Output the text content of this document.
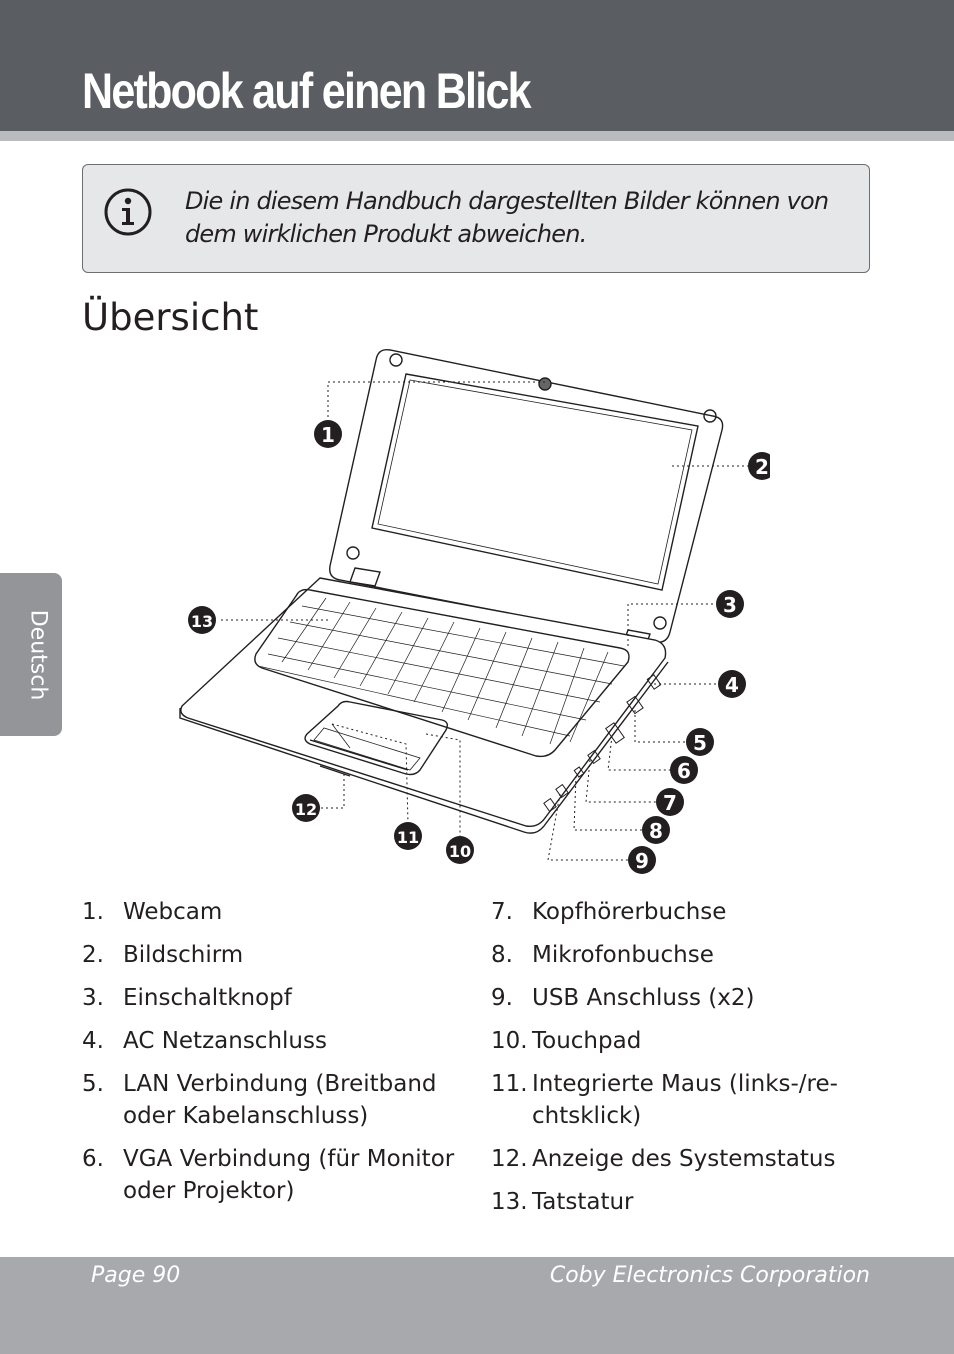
Netbook auf einen Blick
Die in diesem Handbuch dargestellten Bilder können von dem wirklichen Produkt abweichen.
Übersicht
Deutsch
1
2
3
4
5
6
7
8
9
10
11
12
13
1. Webcam
2. Bildschirm
3. Einschaltknopf
4. AC Netzanschluss
5. LAN Verbindung (Breitband oder Kabelanschluss)
6. VGA Verbindung (für Monitor oder Projektor)
7. Kopfhörerbuchse
8. Mikrofonbuchse
9. USB Anschluss (x2)
10. Touchpad
11. Integrierte Maus (links-/re-chtsklick)
12. Anzeige des Systemstatus
13. Tatstatur
Page 90	Coby Electronics Corporation
